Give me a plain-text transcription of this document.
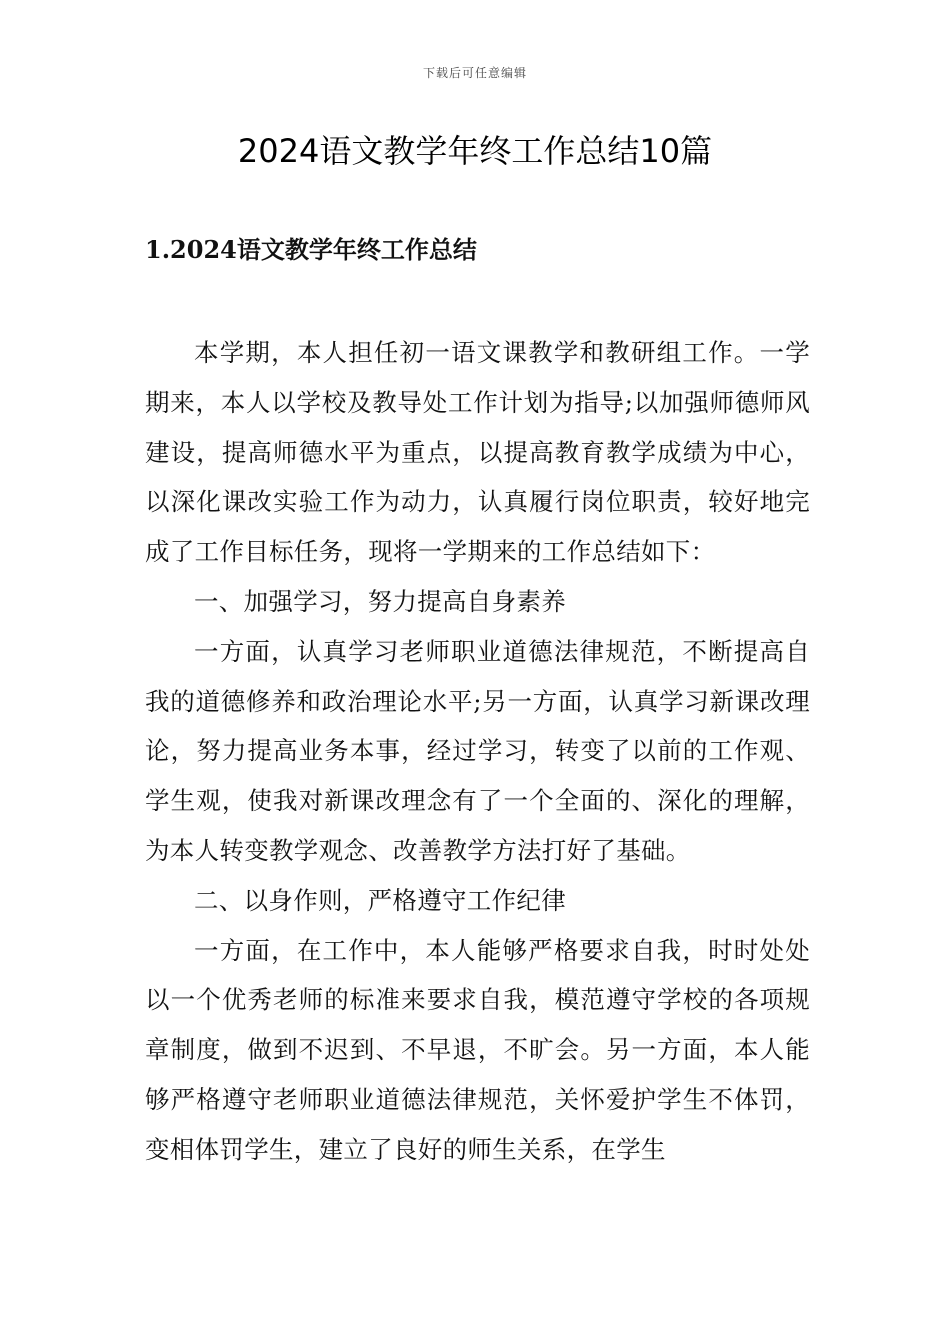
下载后可任意编辑
2024语文教学年终工作总结10篇
1.2024语文教学年终工作总结

本学期，本人担任初一语文课教学和教研组工作。一学期来，本人以学校及教导处工作计划为指导;以加强师德师风建设，提高师德水平为重点，以提高教育教学成绩为中心，以深化课改实验工作为动力，认真履行岗位职责，较好地完成了工作目标任务，现将一学期来的工作总结如下：

一、加强学习，努力提高自身素养

一方面，认真学习老师职业道德法律规范，不断提高自我的道德修养和政治理论水平;另一方面，认真学习新课改理论，努力提高业务本事，经过学习，转变了以前的工作观、学生观，使我对新课改理念有了一个全面的、深化的理解，为本人转变教学观念、改善教学方法打好了基础。

二、以身作则，严格遵守工作纪律

一方面，在工作中，本人能够严格要求自我，时时处处以一个优秀老师的标准来要求自我，模范遵守学校的各项规章制度，做到不迟到、不早退，不旷会。另一方面，本人能够严格遵守老师职业道德法律规范，关怀爱护学生不体罚，变相体罚学生，建立了良好的师生关系，在学生
